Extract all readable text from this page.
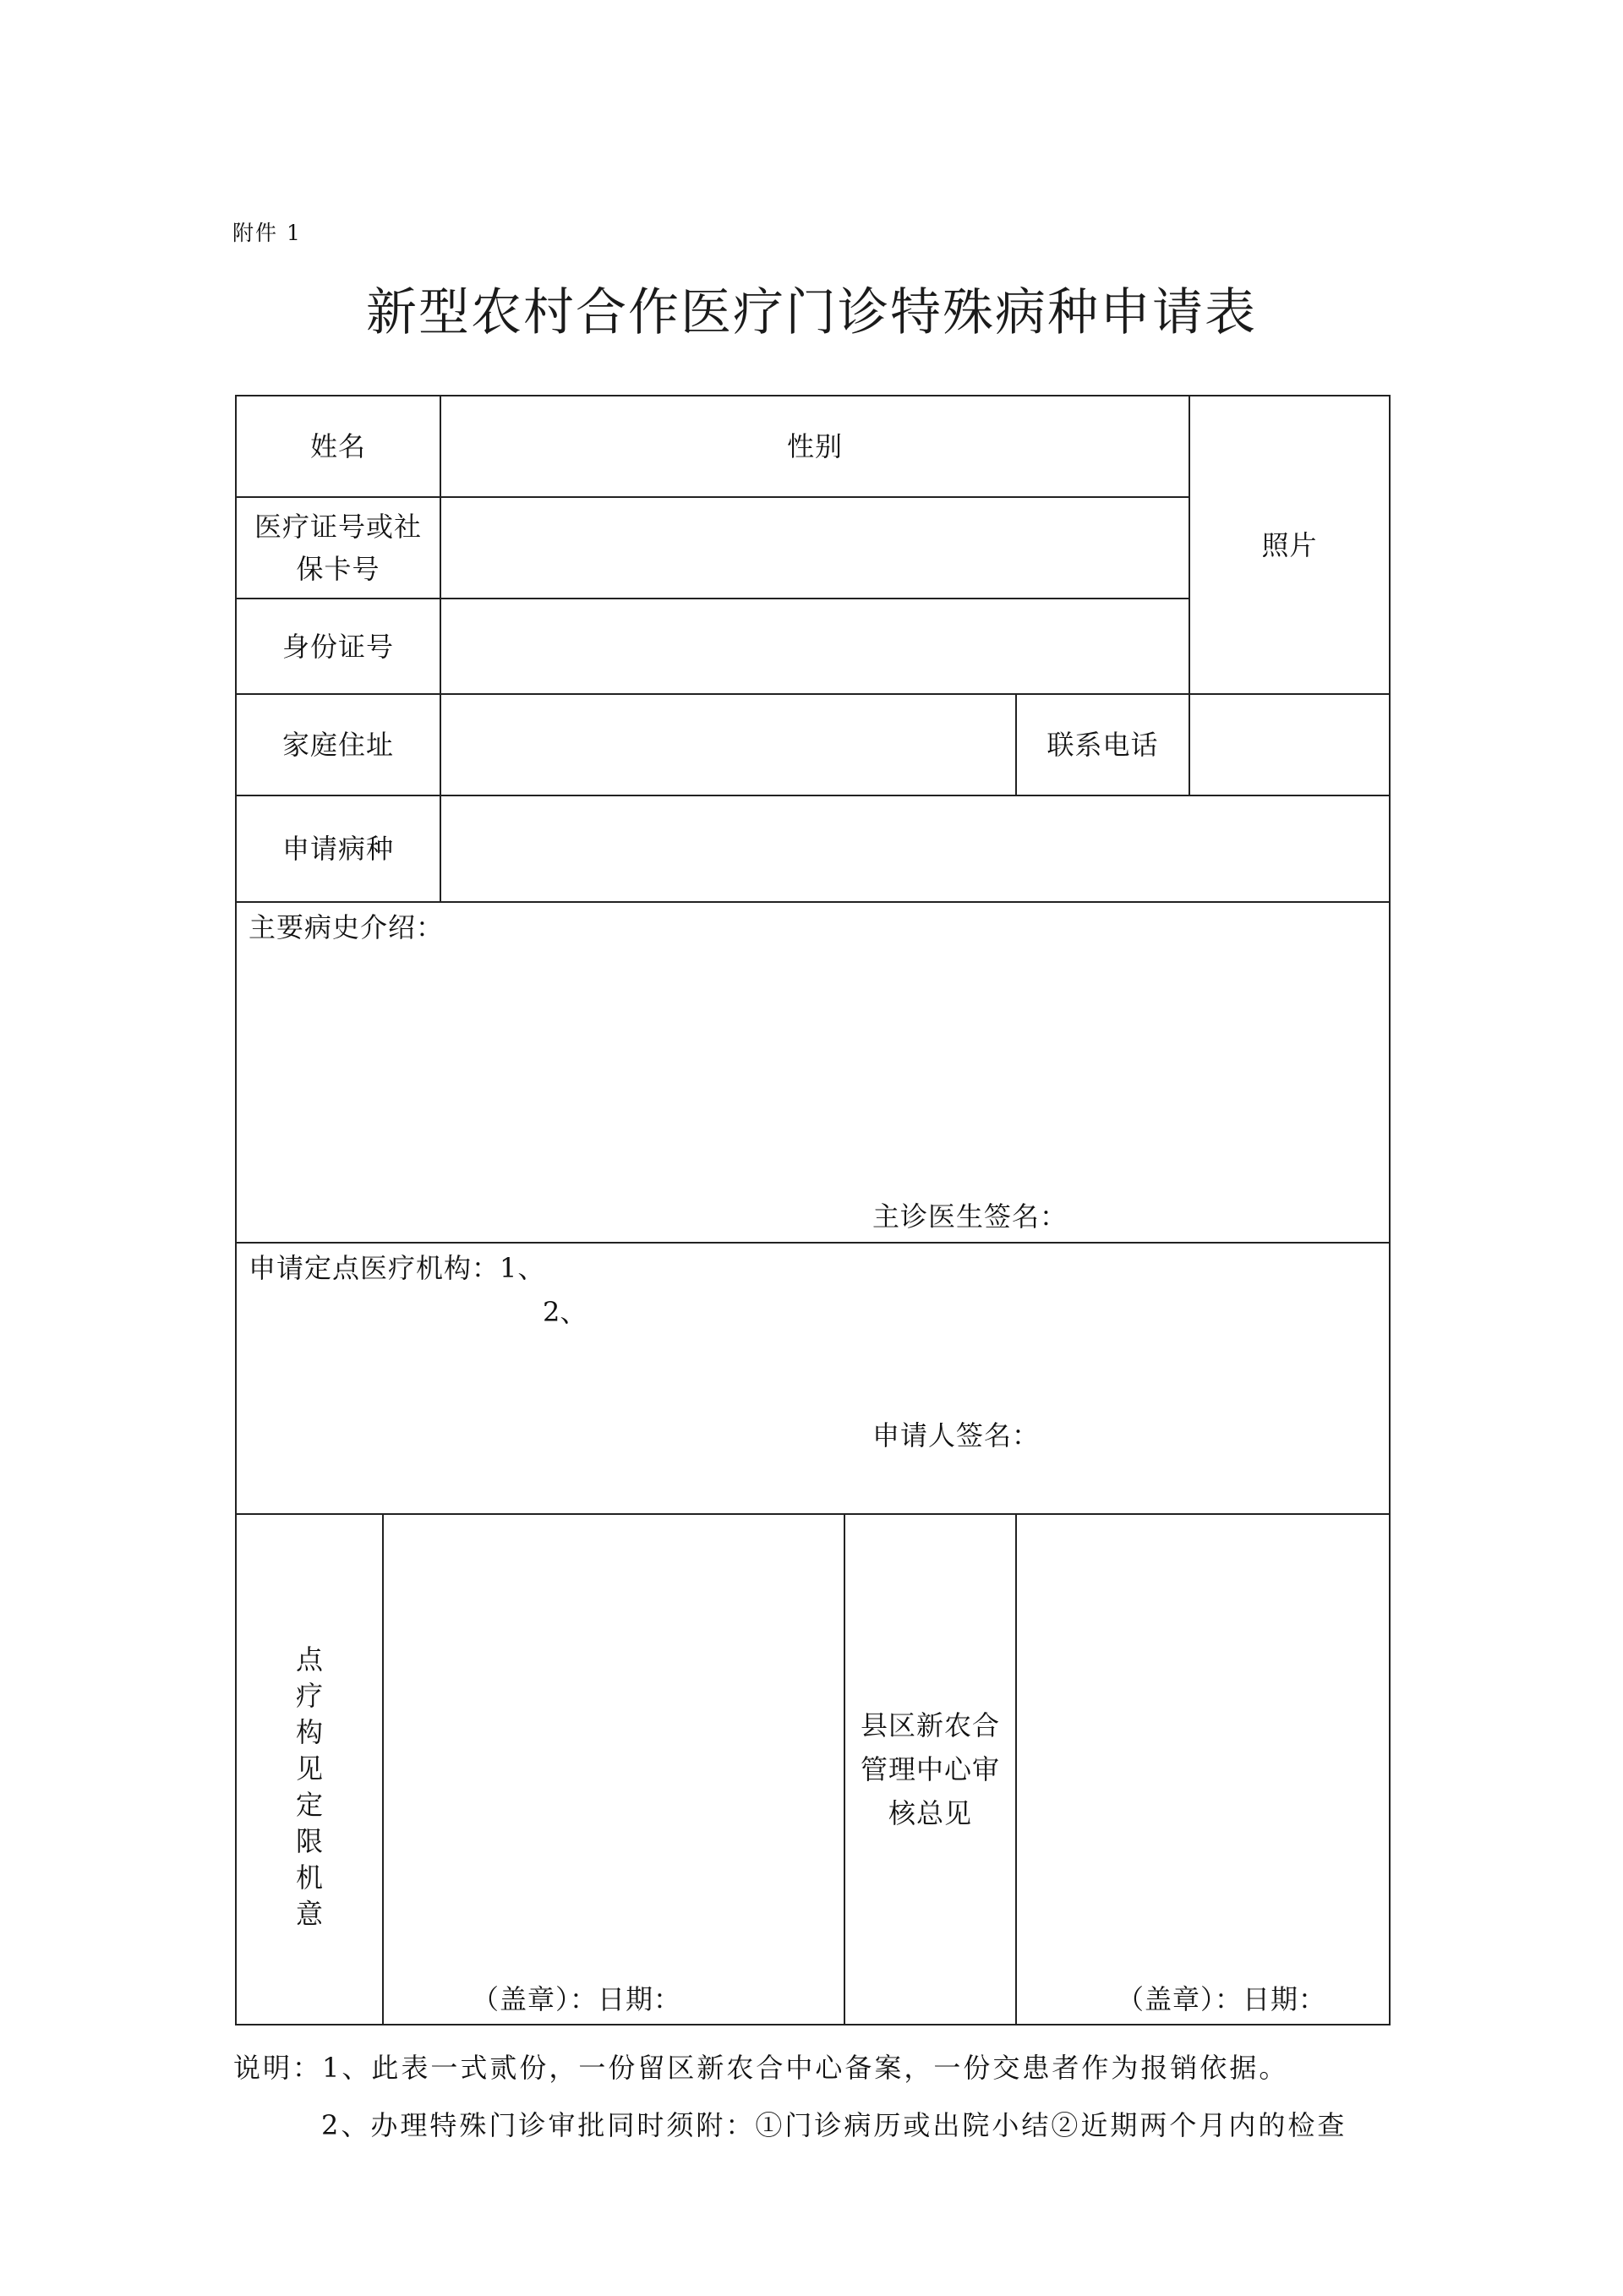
附件 1
新型农村合作医疗门诊特殊病种申请表
姓名		性别			照片
医疗证号或社保卡号					
身份证号					
家庭住址				联系电话	
申请病种					

主要病史介绍：
主诊医生签名：					

申请定点医疗机构：1、
2、
申请人签名：					

点疗构见定限机意	（盖章）：日期：		县区新农合管理中心审核总见	（盖章）：日期：	
说明：1、此表一式贰份，一份留区新农合中心备案，一份交患者作为报销依据。
2、办理特殊门诊审批同时须附：①门诊病历或出院小结②近期两个月内的检查
